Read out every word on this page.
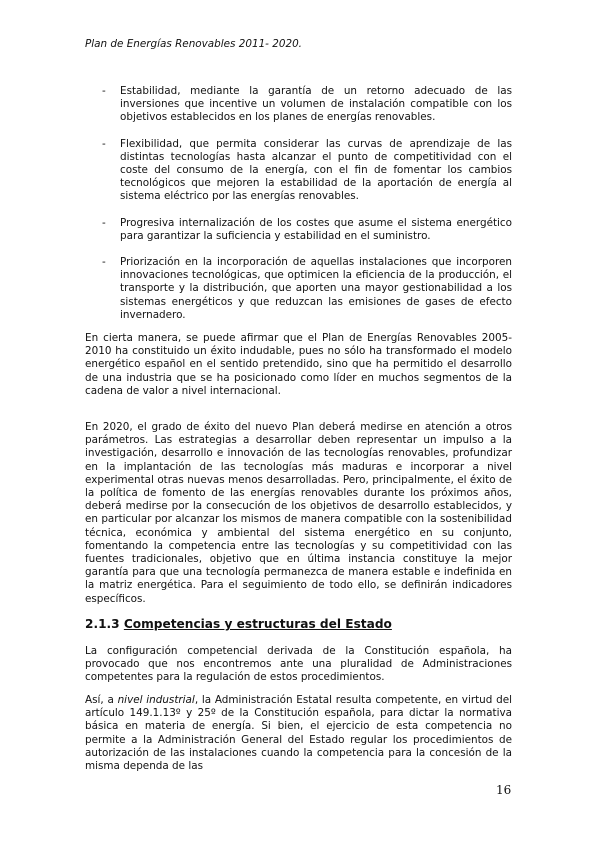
Plan de Energías Renovables 2011- 2020.
- Estabilidad, mediante la garantía de un retorno adecuado de las inversiones que incentive un volumen de instalación compatible con los objetivos establecidos en los planes de energías renovables.
- Flexibilidad, que permita considerar las curvas de aprendizaje de las distintas tecnologías hasta alcanzar el punto de competitividad con el coste del consumo de la energía, con el fin de fomentar los cambios tecnológicos que mejoren la estabilidad de la aportación de energía al sistema eléctrico por las energías renovables.
- Progresiva internalización de los costes que asume el sistema energético para garantizar la suficiencia y estabilidad en el suministro.
- Priorización en la incorporación de aquellas instalaciones que incorporen innovaciones tecnológicas, que optimicen la eficiencia de la producción, el transporte y la distribución, que aporten una mayor gestionabilidad a los sistemas energéticos y que reduzcan las emisiones de gases de efecto invernadero.

En cierta manera, se puede afirmar que el Plan de Energías Renovables 2005-2010 ha constituido un éxito indudable, pues no sólo ha transformado el modelo energético español en el sentido pretendido, sino que ha permitido el desarrollo de una industria que se ha posicionado como líder en muchos segmentos de la cadena de valor a nivel internacional.

En 2020, el grado de éxito del nuevo Plan deberá medirse en atención a otros parámetros. Las estrategias a desarrollar deben representar un impulso a la investigación, desarrollo e innovación de las tecnologías renovables, profundizar en la implantación de las tecnologías más maduras e incorporar a nivel experimental otras nuevas menos desarrolladas. Pero, principalmente, el éxito de la política de fomento de las energías renovables durante los próximos años, deberá medirse por la consecución de los objetivos de desarrollo establecidos, y en particular por alcanzar los mismos de manera compatible con la sostenibilidad técnica, económica y ambiental del sistema energético en su conjunto, fomentando la competencia entre las tecnologías y su competitividad con las fuentes tradicionales, objetivo que en última instancia constituye la mejor garantía para que una tecnología permanezca de manera estable e indefinida en la matriz energética. Para el seguimiento de todo ello, se definirán indicadores específicos.

2.1.3 Competencias y estructuras del Estado

La configuración competencial derivada de la Constitución española, ha provocado que nos encontremos ante una pluralidad de Administraciones competentes para la regulación de estos procedimientos.

Así, a nivel industrial, la Administración Estatal resulta competente, en virtud del artículo 149.1.13º y 25º de la Constitución española, para dictar la normativa básica en materia de energía. Si bien, el ejercicio de esta competencia no permite a la Administración General del Estado regular los procedimientos de autorización de las instalaciones cuando la competencia para la concesión de la misma dependa de las

16
